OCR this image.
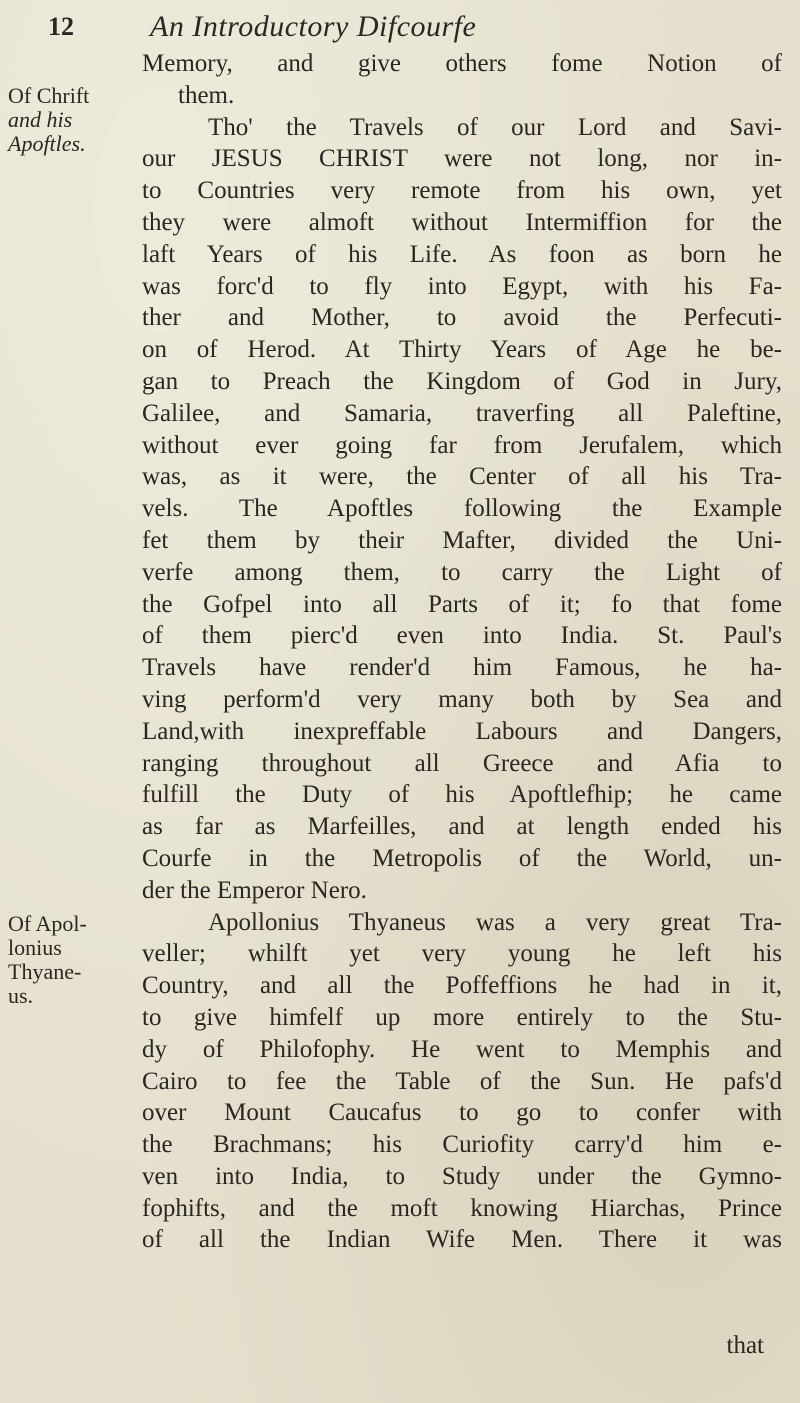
12	An Introductory Difcourfe
Of Chrift
and his
Apoftles.
Of Apol-
lonius
Thyane-
us.
Memory, and give others fome Notion of
them.
Tho' the Travels of our Lord and Savi-
our JESUS CHRIST were not long, nor in-
to Countries very remote from his own, yet
they were almoft without Intermiffion for the
laft Years of his Life. As foon as born he
was forc'd to fly into Egypt, with his Fa-
ther and Mother, to avoid the Perfecuti-
on of Herod. At Thirty Years of Age he be-
gan to Preach the Kingdom of God in Jury,
Galilee, and Samaria, traverfing all Paleftine,
without ever going far from Jerufalem, which
was, as it were, the Center of all his Tra-
vels. The Apoftles following the Example
fet them by their Mafter, divided the Uni-
verfe among them, to carry the Light of
the Gofpel into all Parts of it; fo that fome
of them pierc'd even into India. St. Paul's
Travels have render'd him Famous, he ha-
ving perform'd very many both by Sea and
Land,with inexpreffable Labours and Dangers,
ranging throughout all Greece and Afia to
fulfill the Duty of his Apoftlefhip; he came
as far as Marfeilles, and at length ended his
Courfe in the Metropolis of the World, un-
der the Emperor Nero.
Apollonius Thyaneus was a very great Tra-
veller; whilft yet very young he left his
Country, and all the Poffeffions he had in it,
to give himfelf up more entirely to the Stu-
dy of Philofophy. He went to Memphis and
Cairo to fee the Table of the Sun. He pafs'd
over Mount Caucafus to go to confer with
the Brachmans; his Curiofity carry'd him e-
ven into India, to Study under the Gymno-
fophifts, and the moft knowing Hiarchas, Prince
of all the Indian Wife Men. There it was
that
